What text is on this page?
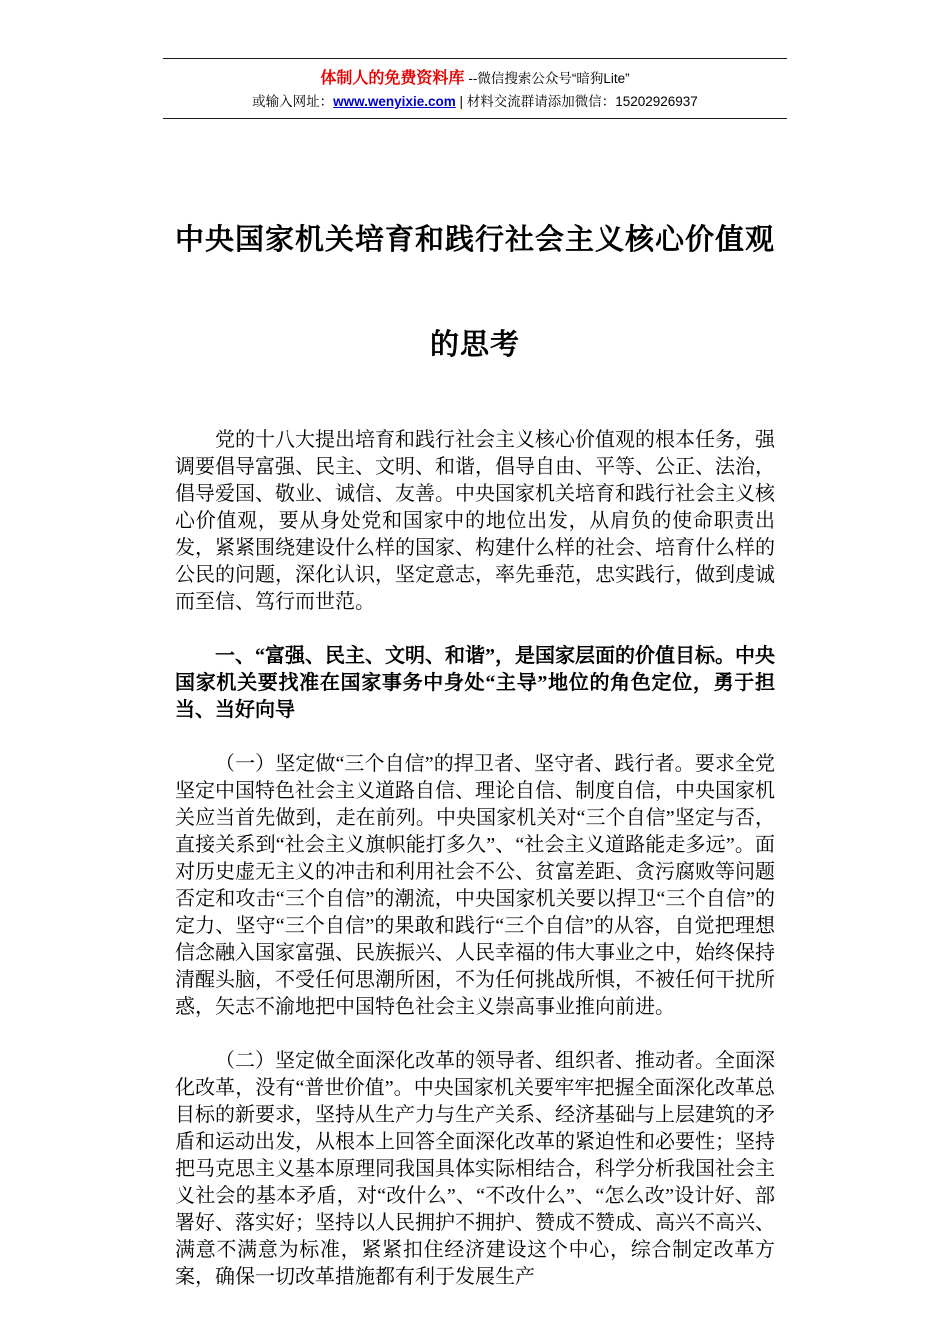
体制人的免费资料库 --微信搜索公众号“暗狗Lite”
或输入网址：www.wenyixie.com | 材料交流群请添加微信：15202926937
中央国家机关培育和践行社会主义核心价值观
的思考

党的十八大提出培育和践行社会主义核心价值观的根本任务，强调要倡导富强、民主、文明、和谐，倡导自由、平等、公正、法治，倡导爱国、敬业、诚信、友善。中央国家机关培育和践行社会主义核心价值观，要从身处党和国家中的地位出发，从肩负的使命职责出发，紧紧围绕建设什么样的国家、构建什么样的社会、培育什么样的公民的问题，深化认识，坚定意志，率先垂范，忠实践行，做到虔诚而至信、笃行而世范。

一、“富强、民主、文明、和谐”，是国家层面的价值目标。中央国家机关要找准在国家事务中身处“主导”地位的角色定位，勇于担当、当好向导

（一）坚定做“三个自信”的捍卫者、坚守者、践行者。要求全党坚定中国特色社会主义道路自信、理论自信、制度自信，中央国家机关应当首先做到，走在前列。中央国家机关对“三个自信”坚定与否，直接关系到“社会主义旗帜能打多久”、“社会主义道路能走多远”。面对历史虚无主义的冲击和利用社会不公、贫富差距、贪污腐败等问题否定和攻击“三个自信”的潮流，中央国家机关要以捍卫“三个自信”的定力、坚守“三个自信”的果敢和践行“三个自信”的从容，自觉把理想信念融入国家富强、民族振兴、人民幸福的伟大事业之中，始终保持清醒头脑，不受任何思潮所困，不为任何挑战所惧，不被任何干扰所惑，矢志不渝地把中国特色社会主义崇高事业推向前进。

（二）坚定做全面深化改革的领导者、组织者、推动者。全面深化改革，没有“普世价值”。中央国家机关要牢牢把握全面深化改革总目标的新要求，坚持从生产力与生产关系、经济基础与上层建筑的矛盾和运动出发，从根本上回答全面深化改革的紧迫性和必要性；坚持把马克思主义基本原理同我国具体实际相结合，科学分析我国社会主义社会的基本矛盾，对“改什么”、“不改什么”、“怎么改”设计好、部署好、落实好；坚持以人民拥护不拥护、赞成不赞成、高兴不高兴、满意不满意为标准，紧紧扣住经济建设这个中心，综合制定改革方案，确保一切改革措施都有利于发展生产
